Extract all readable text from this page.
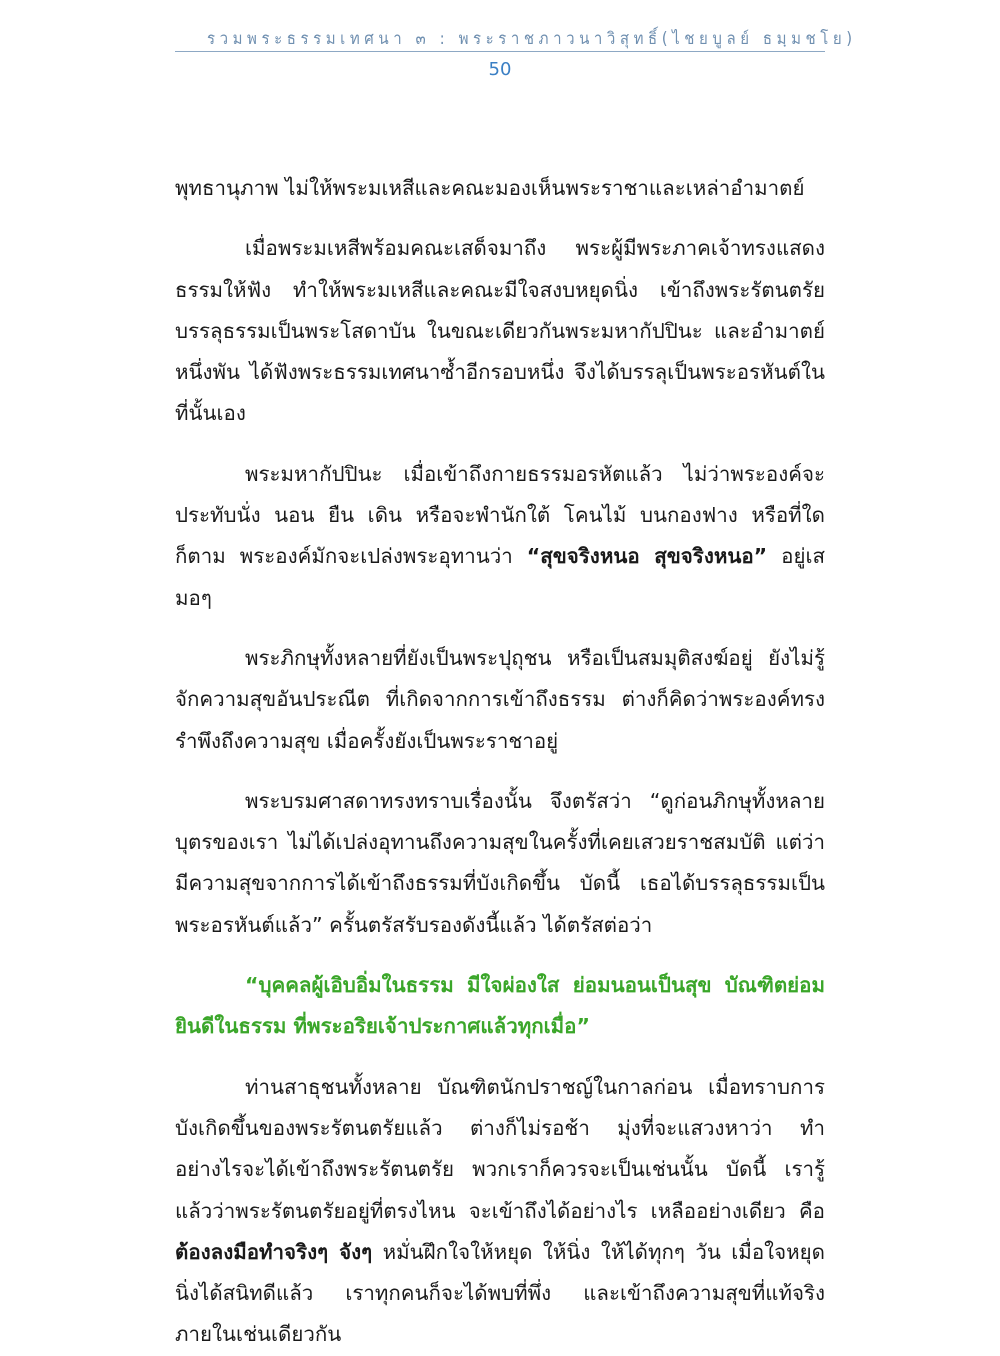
รวมพระธรรมเทศนา ๓ : พระราชภาวนาวิสุทธิ์(ไชยบูลย์ ธมฺมชโย)
50

พุทธานุภาพ ไม่ให้พระมเหสีและคณะมองเห็นพระราชาและเหล่าอำมาตย์

เมื่อพระมเหสีพร้อมคณะเสด็จมาถึง พระผู้มีพระภาคเจ้าทรงแสดงธรรมให้ฟัง ทำให้พระมเหสีและคณะมีใจสงบหยุดนิ่ง เข้าถึงพระรัตนตรัย บรรลุธรรมเป็นพระโสดาบัน ในขณะเดียวกันพระมหากัปปินะ และอำมาตย์หนึ่งพัน ได้ฟังพระธรรมเทศนาซ้ำอีกรอบหนึ่ง จึงได้บรรลุเป็นพระอรหันต์ในที่นั้นเอง

พระมหากัปปินะ เมื่อเข้าถึงกายธรรมอรหัตแล้ว ไม่ว่าพระองค์จะประทับนั่ง นอน ยืน เดิน หรือจะพำนักใต้ โคนไม้ บนกองฟาง หรือที่ใดก็ตาม พระองค์มักจะเปล่งพระอุทานว่า “สุขจริงหนอ สุขจริงหนอ” อยู่เสมอๆ

พระภิกษุทั้งหลายที่ยังเป็นพระปุถุชน หรือเป็นสมมุติสงฆ์อยู่ ยังไม่รู้จักความสุขอันประณีต ที่เกิดจากการเข้าถึงธรรม ต่างก็คิดว่าพระองค์ทรงรำพึงถึงความสุข เมื่อครั้งยังเป็นพระราชาอยู่

พระบรมศาสดาทรงทราบเรื่องนั้น จึงตรัสว่า “ดูก่อนภิกษุทั้งหลาย บุตรของเรา ไม่ได้เปล่งอุทานถึงความสุขในครั้งที่เคยเสวยราชสมบัติ แต่ว่ามีความสุขจากการได้เข้าถึงธรรมที่บังเกิดขึ้น บัดนี้ เธอได้บรรลุธรรมเป็นพระอรหันต์แล้ว” ครั้นตรัสรับรองดังนี้แล้ว ได้ตรัสต่อว่า

“บุคคลผู้เอิบอิ่มในธรรม มีใจผ่องใส ย่อมนอนเป็นสุข บัณฑิตย่อมยินดีในธรรม ที่พระอริยเจ้าประกาศแล้วทุกเมื่อ”

ท่านสาธุชนทั้งหลาย บัณฑิตนักปราชญ์ในกาลก่อน เมื่อทราบการบังเกิดขึ้นของพระรัตนตรัยแล้ว ต่างก็ไม่รอช้า มุ่งที่จะแสวงหาว่า ทำอย่างไรจะได้เข้าถึงพระรัตนตรัย พวกเราก็ควรจะเป็นเช่นนั้น บัดนี้ เรารู้แล้วว่าพระรัตนตรัยอยู่ที่ตรงไหน จะเข้าถึงได้อย่างไร เหลืออย่างเดียว คือ ต้องลงมือทำจริงๆ จังๆ หมั่นฝึกใจให้หยุด ให้นิ่ง ให้ได้ทุกๆ วัน เมื่อใจหยุดนิ่งได้สนิทดีแล้ว เราทุกคนก็จะได้พบที่พึ่ง และเข้าถึงความสุขที่แท้จริงภายในเช่นเดียวกัน
